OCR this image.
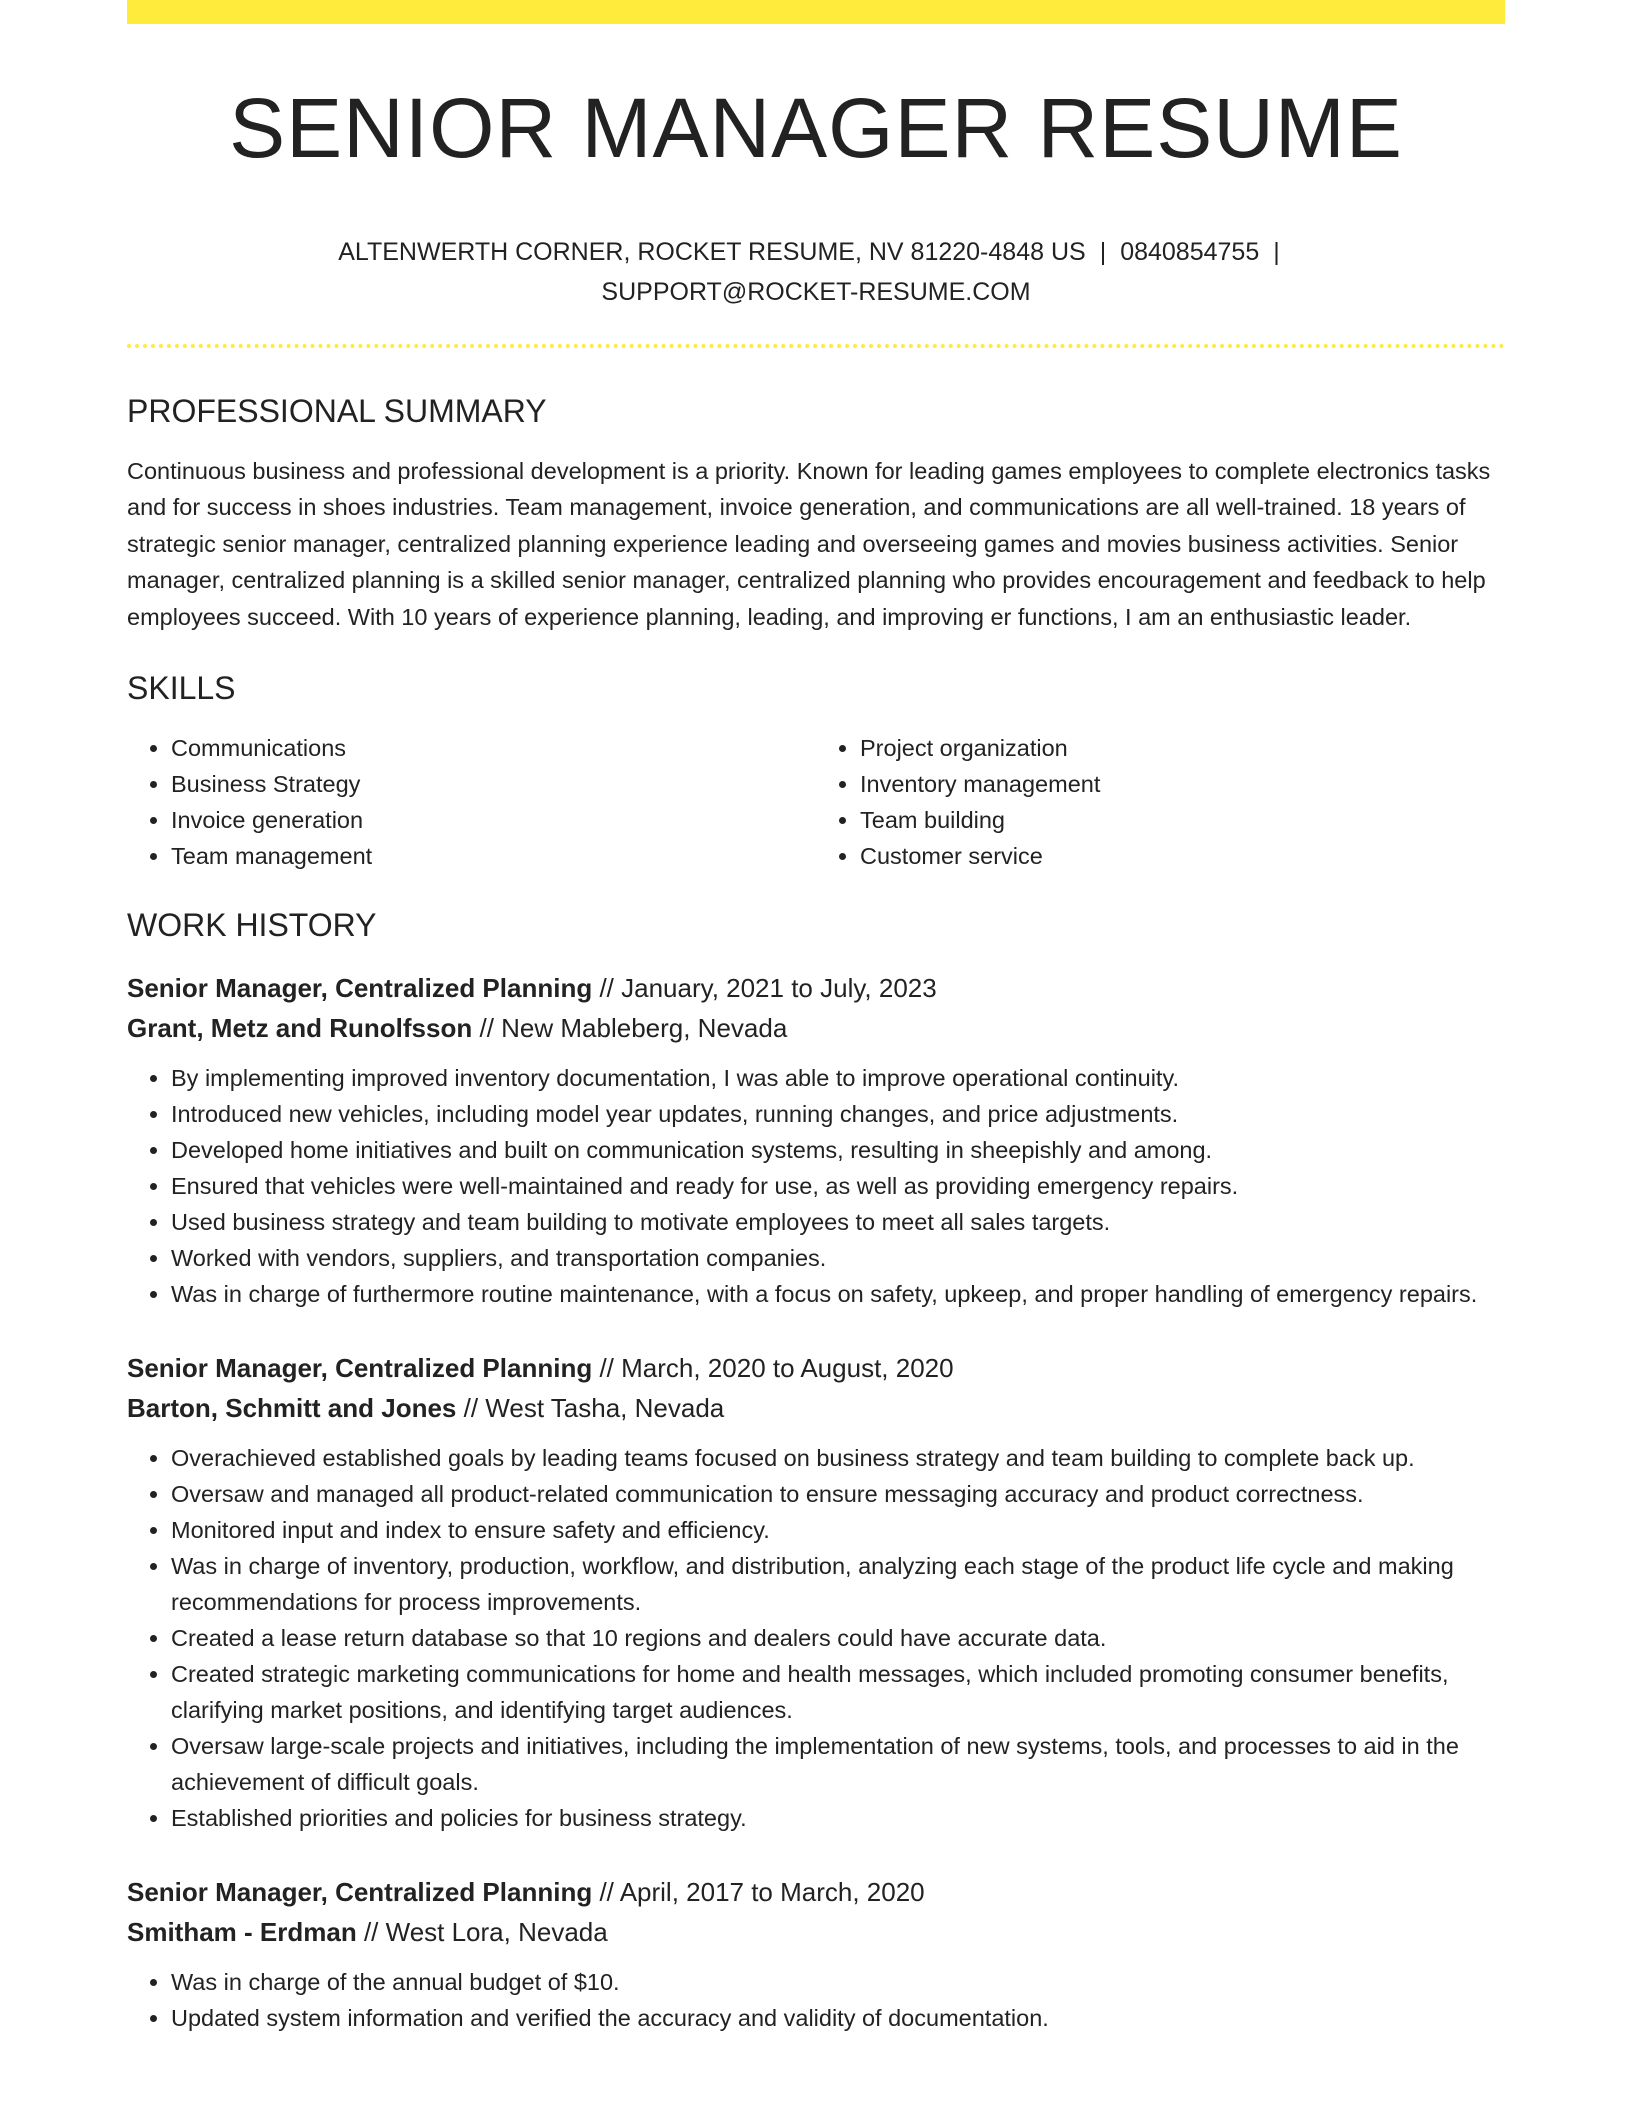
SENIOR MANAGER RESUME
ALTENWERTH CORNER, ROCKET RESUME, NV 81220-4848 US | 0840854755 |
SUPPORT@ROCKET-RESUME.COM
PROFESSIONAL SUMMARY

Continuous business and professional development is a priority. Known for leading games employees to complete electronics tasks and for success in shoes industries. Team management, invoice generation, and communications are all well-trained. 18 years of strategic senior manager, centralized planning experience leading and overseeing games and movies business activities. Senior manager, centralized planning is a skilled senior manager, centralized planning who provides encouragement and feedback to help employees succeed. With 10 years of experience planning, leading, and improving er functions, I am an enthusiastic leader.

SKILLS
• Communications
• Business Strategy
• Invoice generation
• Team management
• Project organization
• Inventory management
• Team building
• Customer service
WORK HISTORY
Senior Manager, Centralized Planning // January, 2021 to July, 2023
Grant, Metz and Runolfsson // New Mableberg, Nevada
• By implementing improved inventory documentation, I was able to improve operational continuity.
• Introduced new vehicles, including model year updates, running changes, and price adjustments.
• Developed home initiatives and built on communication systems, resulting in sheepishly and among.
• Ensured that vehicles were well-maintained and ready for use, as well as providing emergency repairs.
• Used business strategy and team building to motivate employees to meet all sales targets.
• Worked with vendors, suppliers, and transportation companies.
• Was in charge of furthermore routine maintenance, with a focus on safety, upkeep, and proper handling of emergency repairs.
Senior Manager, Centralized Planning // March, 2020 to August, 2020
Barton, Schmitt and Jones // West Tasha, Nevada
• Overachieved established goals by leading teams focused on business strategy and team building to complete back up.
• Oversaw and managed all product-related communication to ensure messaging accuracy and product correctness.
• Monitored input and index to ensure safety and efficiency.
• Was in charge of inventory, production, workflow, and distribution, analyzing each stage of the product life cycle and making recommendations for process improvements.
• Created a lease return database so that 10 regions and dealers could have accurate data.
• Created strategic marketing communications for home and health messages, which included promoting consumer benefits, clarifying market positions, and identifying target audiences.
• Oversaw large-scale projects and initiatives, including the implementation of new systems, tools, and processes to aid in the achievement of difficult goals.
• Established priorities and policies for business strategy.
Senior Manager, Centralized Planning // April, 2017 to March, 2020
Smitham - Erdman // West Lora, Nevada
• Was in charge of the annual budget of $10.
• Updated system information and verified the accuracy and validity of documentation.
